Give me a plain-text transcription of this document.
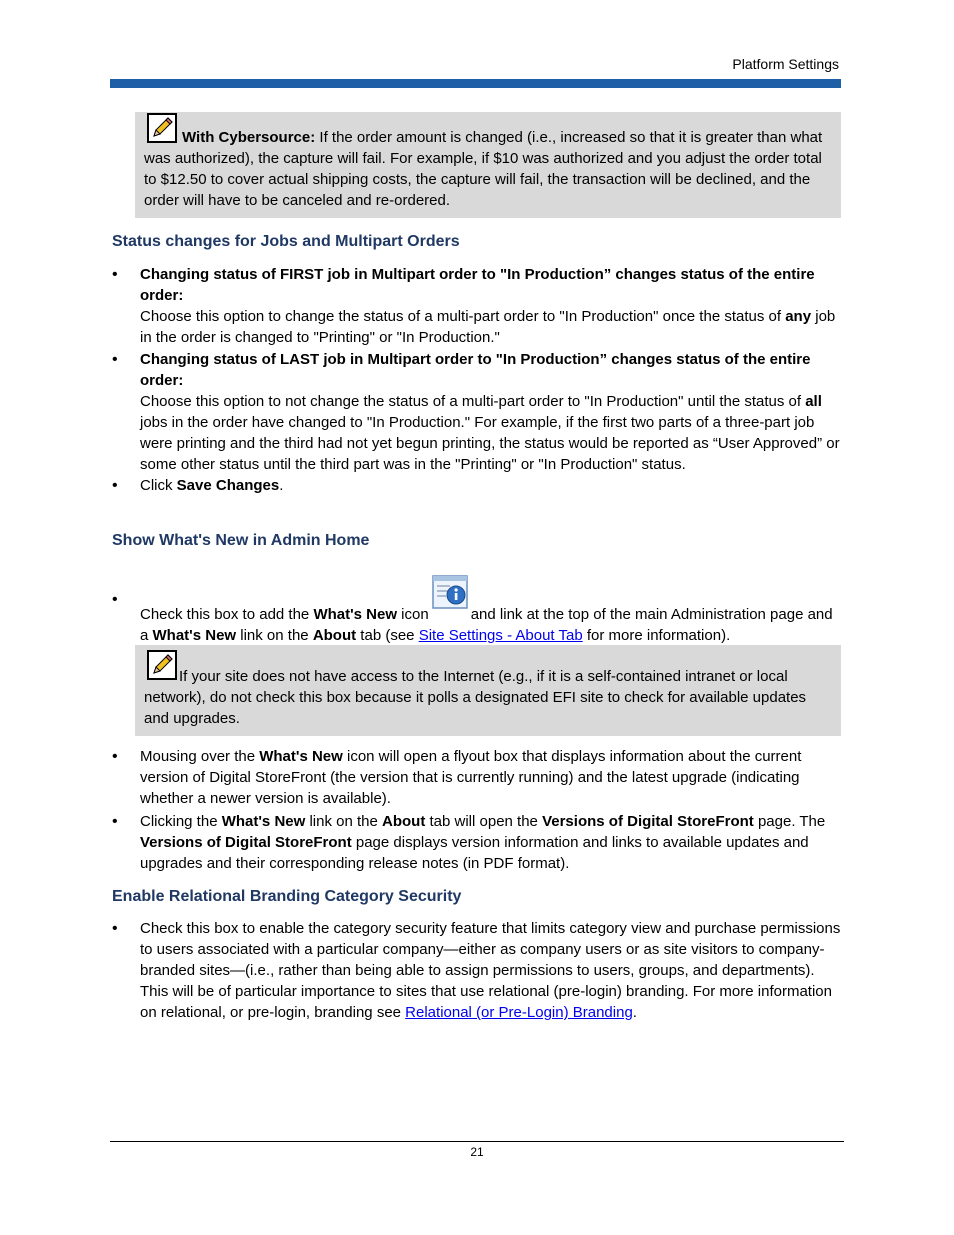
Platform Settings
With Cybersource: If the order amount is changed (i.e., increased so that it is greater than what was authorized), the capture will fail. For example, if $10 was authorized and you adjust the order total to $12.50 to cover actual shipping costs, the capture will fail, the transaction will be declined, and the order will have to be canceled and re-ordered.
Status changes for Jobs and Multipart Orders
• Changing status of FIRST job in Multipart order to "In Production” changes status of the entire order:
Choose this option to change the status of a multi-part order to "In Production" once the status of any job in the order is changed to "Printing" or "In Production."
• Changing status of LAST job in Multipart order to "In Production” changes status of the entire order:
Choose this option to not change the status of a multi-part order to "In Production" until the status of all jobs in the order have changed to "In Production." For example, if the first two parts of a three-part job were printing and the third had not yet begun printing, the status would be reported as “User Approved” or some other status until the third part was in the "Printing" or "In Production" status.
• Click Save Changes.
Show What's New in Admin Home
• Check this box to add the What's New icon	and link at the top of the main Administration page and a What's New link on the About tab (see Site Settings - About Tab for more information).
If your site does not have access to the Internet (e.g., if it is a self-contained intranet or local network), do not check this box because it polls a designated EFI site to check for available updates and upgrades.
• Mousing over the What's New icon will open a flyout box that displays information about the current version of Digital StoreFront (the version that is currently running) and the latest upgrade (indicating whether a newer version is available).
• Clicking the What's New link on the About tab will open the Versions of Digital StoreFront page. The Versions of Digital StoreFront page displays version information and links to available updates and upgrades and their corresponding release notes (in PDF format).
Enable Relational Branding Category Security
• Check this box to enable the category security feature that limits category view and purchase permissions to users associated with a particular company—either as company users or as site visitors to company-branded sites—(i.e., rather than being able to assign permissions to users, groups, and departments). This will be of particular importance to sites that use relational (pre-login) branding. For more information on relational, or pre-login, branding see Relational (or Pre-Login) Branding.
21
